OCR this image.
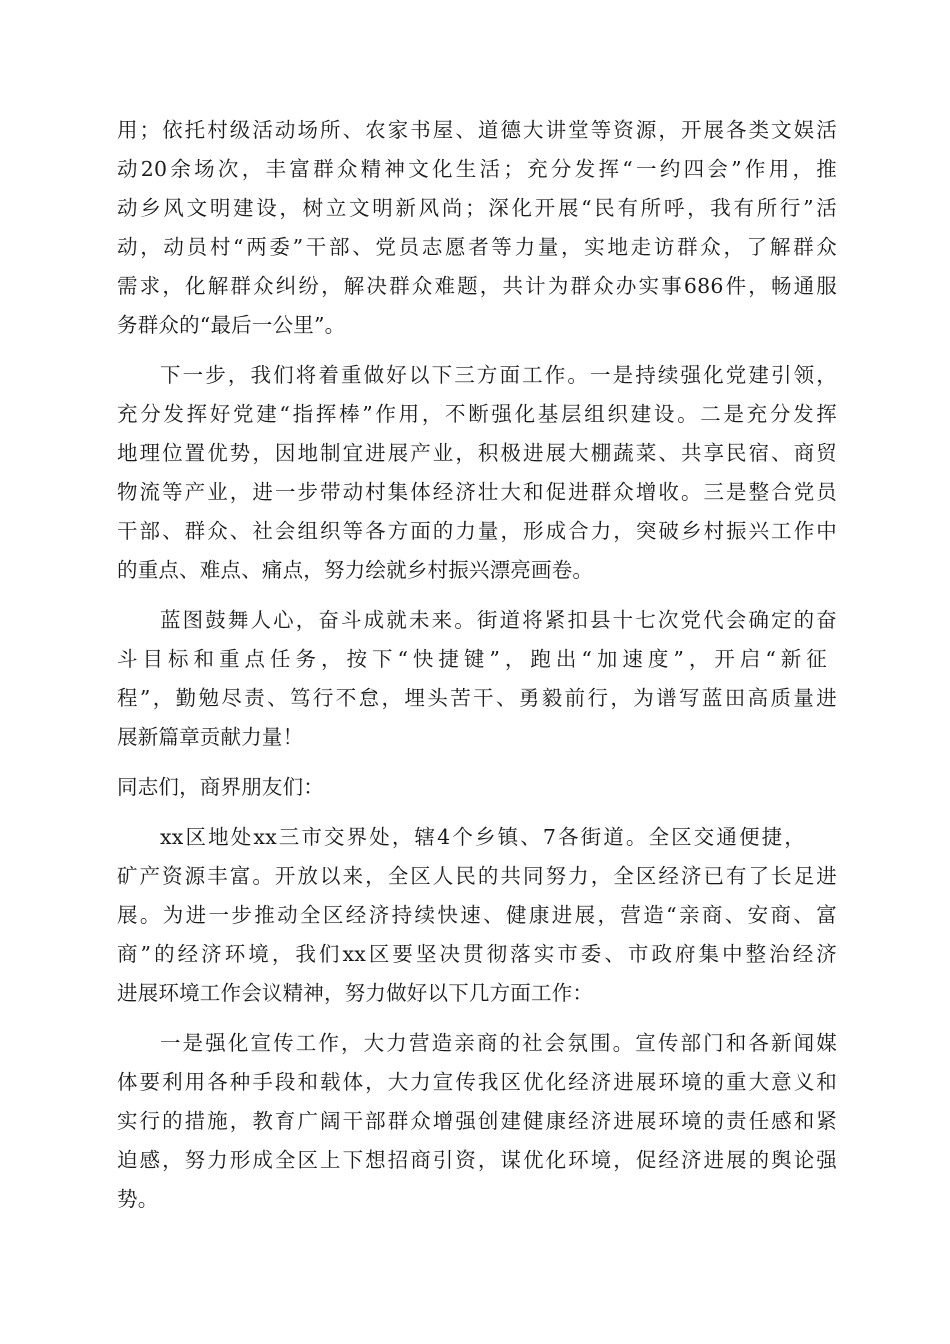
用；依托村级活动场所、农家书屋、道德大讲堂等资源，开展各类文娱活

动20余场次，丰富群众精神文化生活；充分发挥“一约四会”作用，推

动乡风文明建设，树立文明新风尚；深化开展“民有所呼，我有所行”活

动，动员村“两委”干部、党员志愿者等力量，实地走访群众，了解群众

需求，化解群众纠纷，解决群众难题，共计为群众办实事686件，畅通服

务群众的“最后一公里”。

下一步，我们将着重做好以下三方面工作。一是持续强化党建引领，

充分发挥好党建“指挥棒”作用，不断强化基层组织建设。二是充分发挥

地理位置优势，因地制宜进展产业，积极进展大棚蔬菜、共享民宿、商贸

物流等产业，进一步带动村集体经济壮大和促进群众增收。三是整合党员

干部、群众、社会组织等各方面的力量，形成合力，突破乡村振兴工作中

的重点、难点、痛点，努力绘就乡村振兴漂亮画卷。

蓝图鼓舞人心，奋斗成就未来。街道将紧扣县十七次党代会确定的奋

斗目标和重点任务，按下“快捷键”，跑出“加速度”，开启“新征

程”，勤勉尽责、笃行不怠，埋头苦干、勇毅前行，为谱写蓝田高质量进

展新篇章贡献力量！

同志们，商界朋友们：

xx区地处xx三市交界处，辖4个乡镇、7各街道。全区交通便捷，

矿产资源丰富。开放以来，全区人民的共同努力，全区经济已有了长足进

展。为进一步推动全区经济持续快速、健康进展，营造“亲商、安商、富

商”的经济环境，我们xx区要坚决贯彻落实市委、市政府集中整治经济

进展环境工作会议精神，努力做好以下几方面工作：

一是强化宣传工作，大力营造亲商的社会氛围。宣传部门和各新闻媒

体要利用各种手段和载体，大力宣传我区优化经济进展环境的重大意义和

实行的措施，教育广阔干部群众增强创建健康经济进展环境的责任感和紧

迫感，努力形成全区上下想招商引资，谋优化环境，促经济进展的舆论强

势。
